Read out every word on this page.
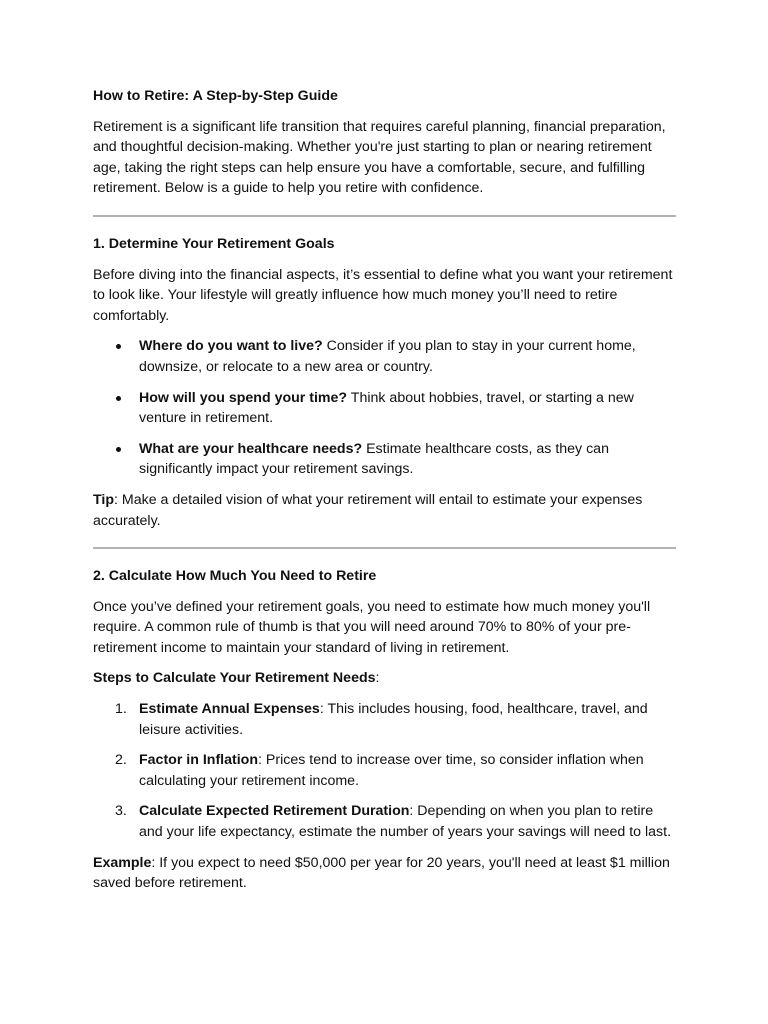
How to Retire: A Step-by-Step Guide

Retirement is a significant life transition that requires careful planning, financial preparation, and thoughtful decision-making. Whether you're just starting to plan or nearing retirement age, taking the right steps can help ensure you have a comfortable, secure, and fulfilling retirement. Below is a guide to help you retire with confidence.

1. Determine Your Retirement Goals

Before diving into the financial aspects, it’s essential to define what you want your retirement to look like. Your lifestyle will greatly influence how much money you’ll need to retire comfortably.

Where do you want to live? Consider if you plan to stay in your current home, downsize, or relocate to a new area or country.
How will you spend your time? Think about hobbies, travel, or starting a new venture in retirement.
What are your healthcare needs? Estimate healthcare costs, as they can significantly impact your retirement savings.

Tip: Make a detailed vision of what your retirement will entail to estimate your expenses accurately.

2. Calculate How Much You Need to Retire

Once you’ve defined your retirement goals, you need to estimate how much money you'll require. A common rule of thumb is that you will need around 70% to 80% of your pre-retirement income to maintain your standard of living in retirement.

Steps to Calculate Your Retirement Needs:

1. Estimate Annual Expenses: This includes housing, food, healthcare, travel, and leisure activities.
2. Factor in Inflation: Prices tend to increase over time, so consider inflation when calculating your retirement income.
3. Calculate Expected Retirement Duration: Depending on when you plan to retire and your life expectancy, estimate the number of years your savings will need to last.

Example: If you expect to need $50,000 per year for 20 years, you'll need at least $1 million saved before retirement.
